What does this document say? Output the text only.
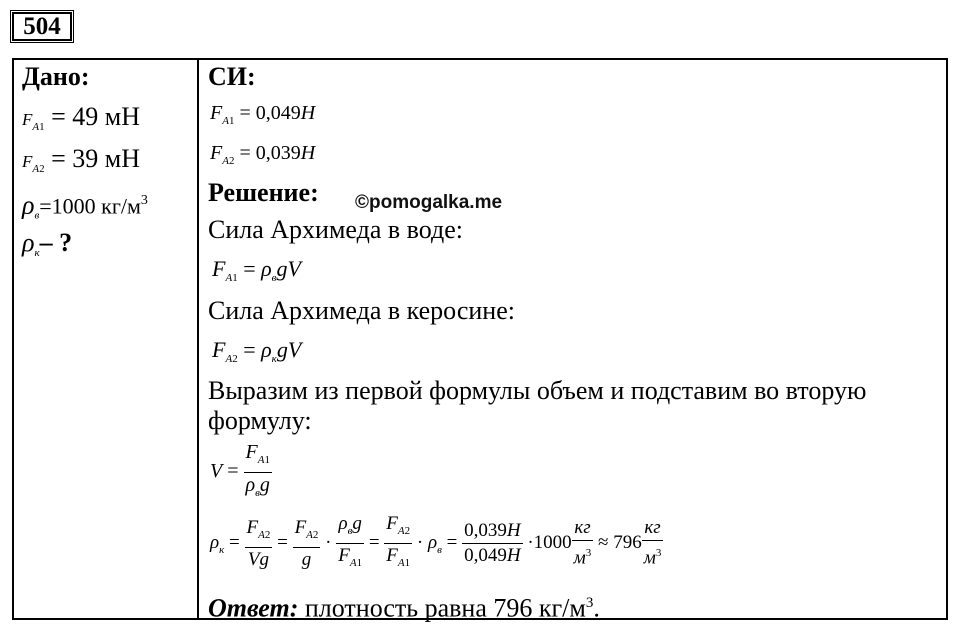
504
Дано:
$F_A1 = 49$ мН
$F_A2 = 39$ мН
$\rho_в=1000$ $кг/м^3$
$\rho_к-$ ?
СИ:
$F_{A1} = 0,049H$
$F_{A2} = 0,039H$
Решение: ©pomogalka.me
Сила Архимеда в воде:
$F_{A1} = \rho_вgV$
Сила Архимеда в керосине:
$F_{A2} = \rho_кgV$
Выразим из первой формулы объем и подставим во вторую
формулу:
$V = \frac{F_{A1}}{\rho_вg}$
$\rho_к = \frac{F_{A2}}{Vg} = \frac{F_{A2}}{g} \cdot \frac{\rho_вg}{F_{A1}} = \frac{F_{A2}}{F_{A1}} \cdot \rho_в = \frac{0,039H}{0,049H} \cdot 1000 \frac{кг}{м^3} \approx 796 \frac{кг}{м^3}$
Ответ: плотность равна 796 $кг/м^3$.
